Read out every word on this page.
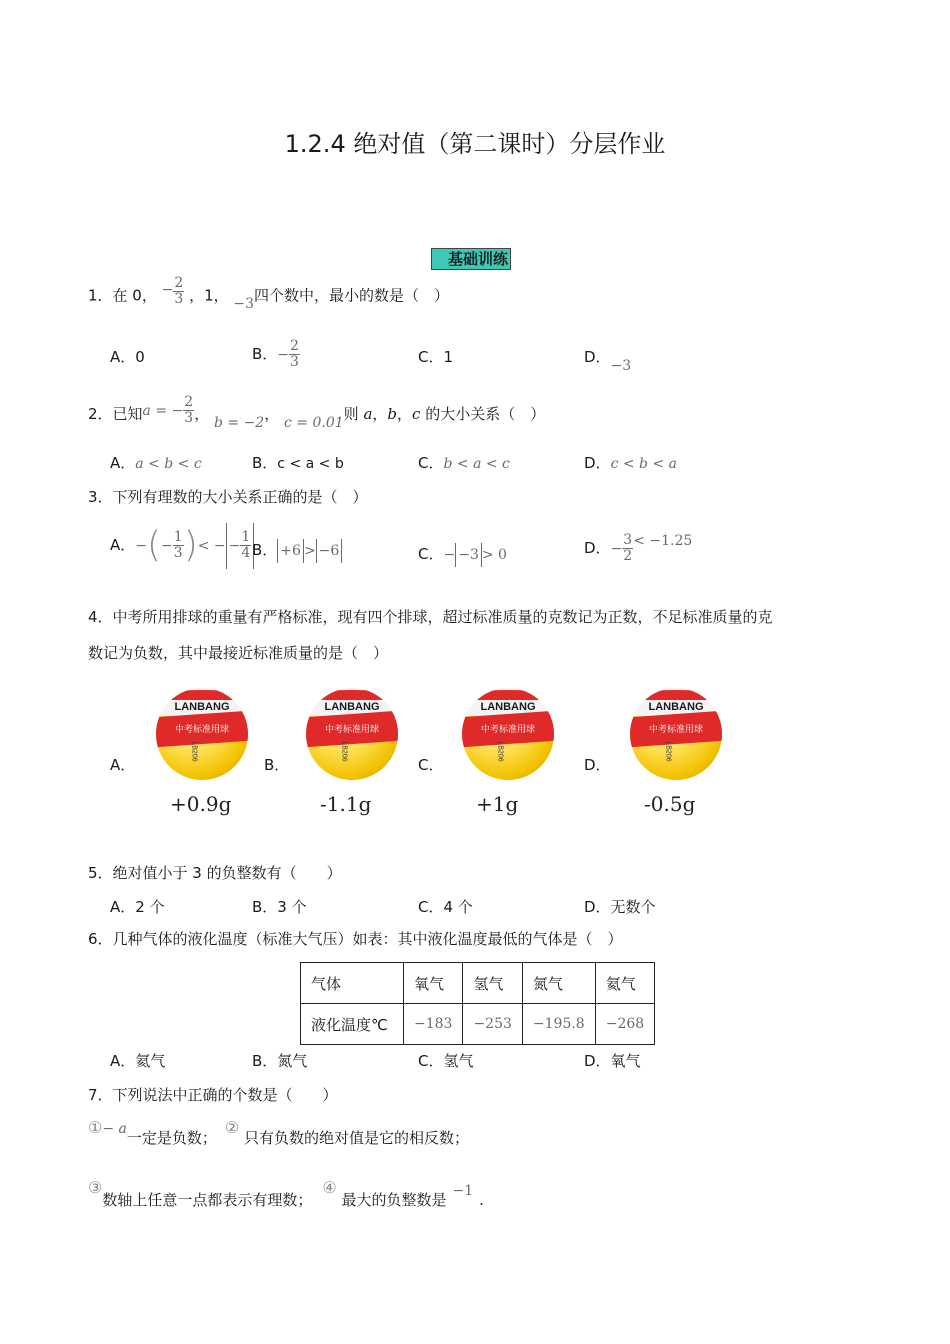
1.2.4 绝对值（第二课时）分层作业
基础训练
1．在 0， − $\frac{2}{3}$ ，1， −3四个数中，最小的数是（　）
A．0	B．− $\frac{2}{3}$	C．1	D．−3
2．已知a = − $\frac{2}{3}$ ， b = −2， c = 0.01则 a，b，c 的大小关系（　）
A．a < b < c	B．c < a < b	C．b < a < c	D．c < b < a
3．下列有理数的大小关系正确的是（　）
A．−(− $\frac{1}{3}$ )< − − $\frac{1}{4}$ B． +6 > −6	C．− −3 > 0	D．− $\frac{3}{2} < -1.25$
4．中考所用排球的重量有严格标准，现有四个排球，超过标准质量的克数记为正数，不足标准质量的克
数记为负数，其中最接近标准质量的是（　）
A．
LANBANG
中考标准用球
LB206
+0.9g
B．
LANBANG
中考标准用球
LB206
-1.1g
C．
LANBANG
中考标准用球
LB206
+1g
D．
LANBANG
中考标准用球
LB206
-0.5g
5．绝对值小于 3 的负整数有（　　）
A．2 个	B．3 个	C．4 个	D．无数个
6．几种气体的液化温度（标准大气压）如表：其中液化温度最低的气体是（　）
气体	氧气	氢气	氮气	氦气
液化温度℃	−183	−253	−195.8	−268
A．氦气	B．氮气	C．氢气	D．氧气
7．下列说法中正确的个数是（　　）
①− a一定是负数；② 只有负数的绝对值是它的相反数；
③数轴上任意一点都表示有理数；④ 最大的负整数是 −1 .
